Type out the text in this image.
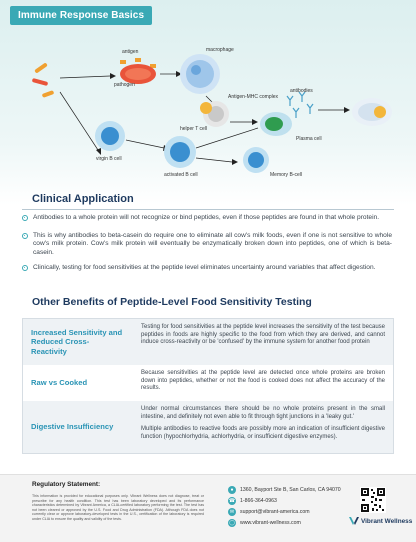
Immune Response Basics
antigen
pathogen
macrophage
Antigen-MHC complex
helper T cell
antibodies
Plasma cell
virgin B cell
activated B cell	Memory B-cell
Clinical Application
Antibodies to a whole protein will not recognize or bind peptides, even if those peptides are found in that whole protein.
This is why antibodies to beta-casein do require one to eliminate all cow's milk foods, even if one is not sensitive to whole cow's milk protein. Cow's milk protein will eventually be enzymatically broken down into peptides, one of which is beta-casein.
Clinically, testing for food sensitivities at the peptide level eliminates uncertainty around variables that affect digestion.
Other Benefits of Peptide-Level Food Sensitivity Testing
Increased Sensitivity and Reduced Cross-Reactivity
Testing for food sensitivities at the peptide level increases the sensitivity of the test because peptides in foods are highly specific to the food from which they are derived, and cannot induce cross-reactivity or be 'confused' by the immune system for another food protein
Raw vs Cooked
Because sensitivities at the peptide level are detected once whole proteins are broken down into peptides, whether or not the food is cooked does not affect the accuracy of the results.
Digestive Insufficiency

Under normal circumstances there should be no whole proteins present in the small intestine, and definitely not even able to fit through tight junctions in a 'leaky gut.'

Multiple antibodies to reactive foods are possibly more an indication of insufficient digestive function (hypochlorhydria, achlorhydria, or insufficient digestive enzymes).

Regulatory Statement:
This information is provided for educational purposes only. Vibrant Wellness does not diagnose, treat or prescribe for any health condition. This test has been laboratory developed and its performance characteristics determined by Vibrant America, a CLIA-certified laboratory performing the test. The test has not been cleared or approved by the U.S. Food and Drug Administration (FDA). Although FDA does not currently clear or approve laboratory-developed tests in the U.S., certification of the laboratory is required under CLIA to ensure the quality and validity of the tests.
●	1360, Bayport Ste B, San Carlos, CA 94070
☎ 1-866-364-0963
✉	support@vibrant-america.com
◯ www.vibrant-wellness.com	Vibrant Wellness
